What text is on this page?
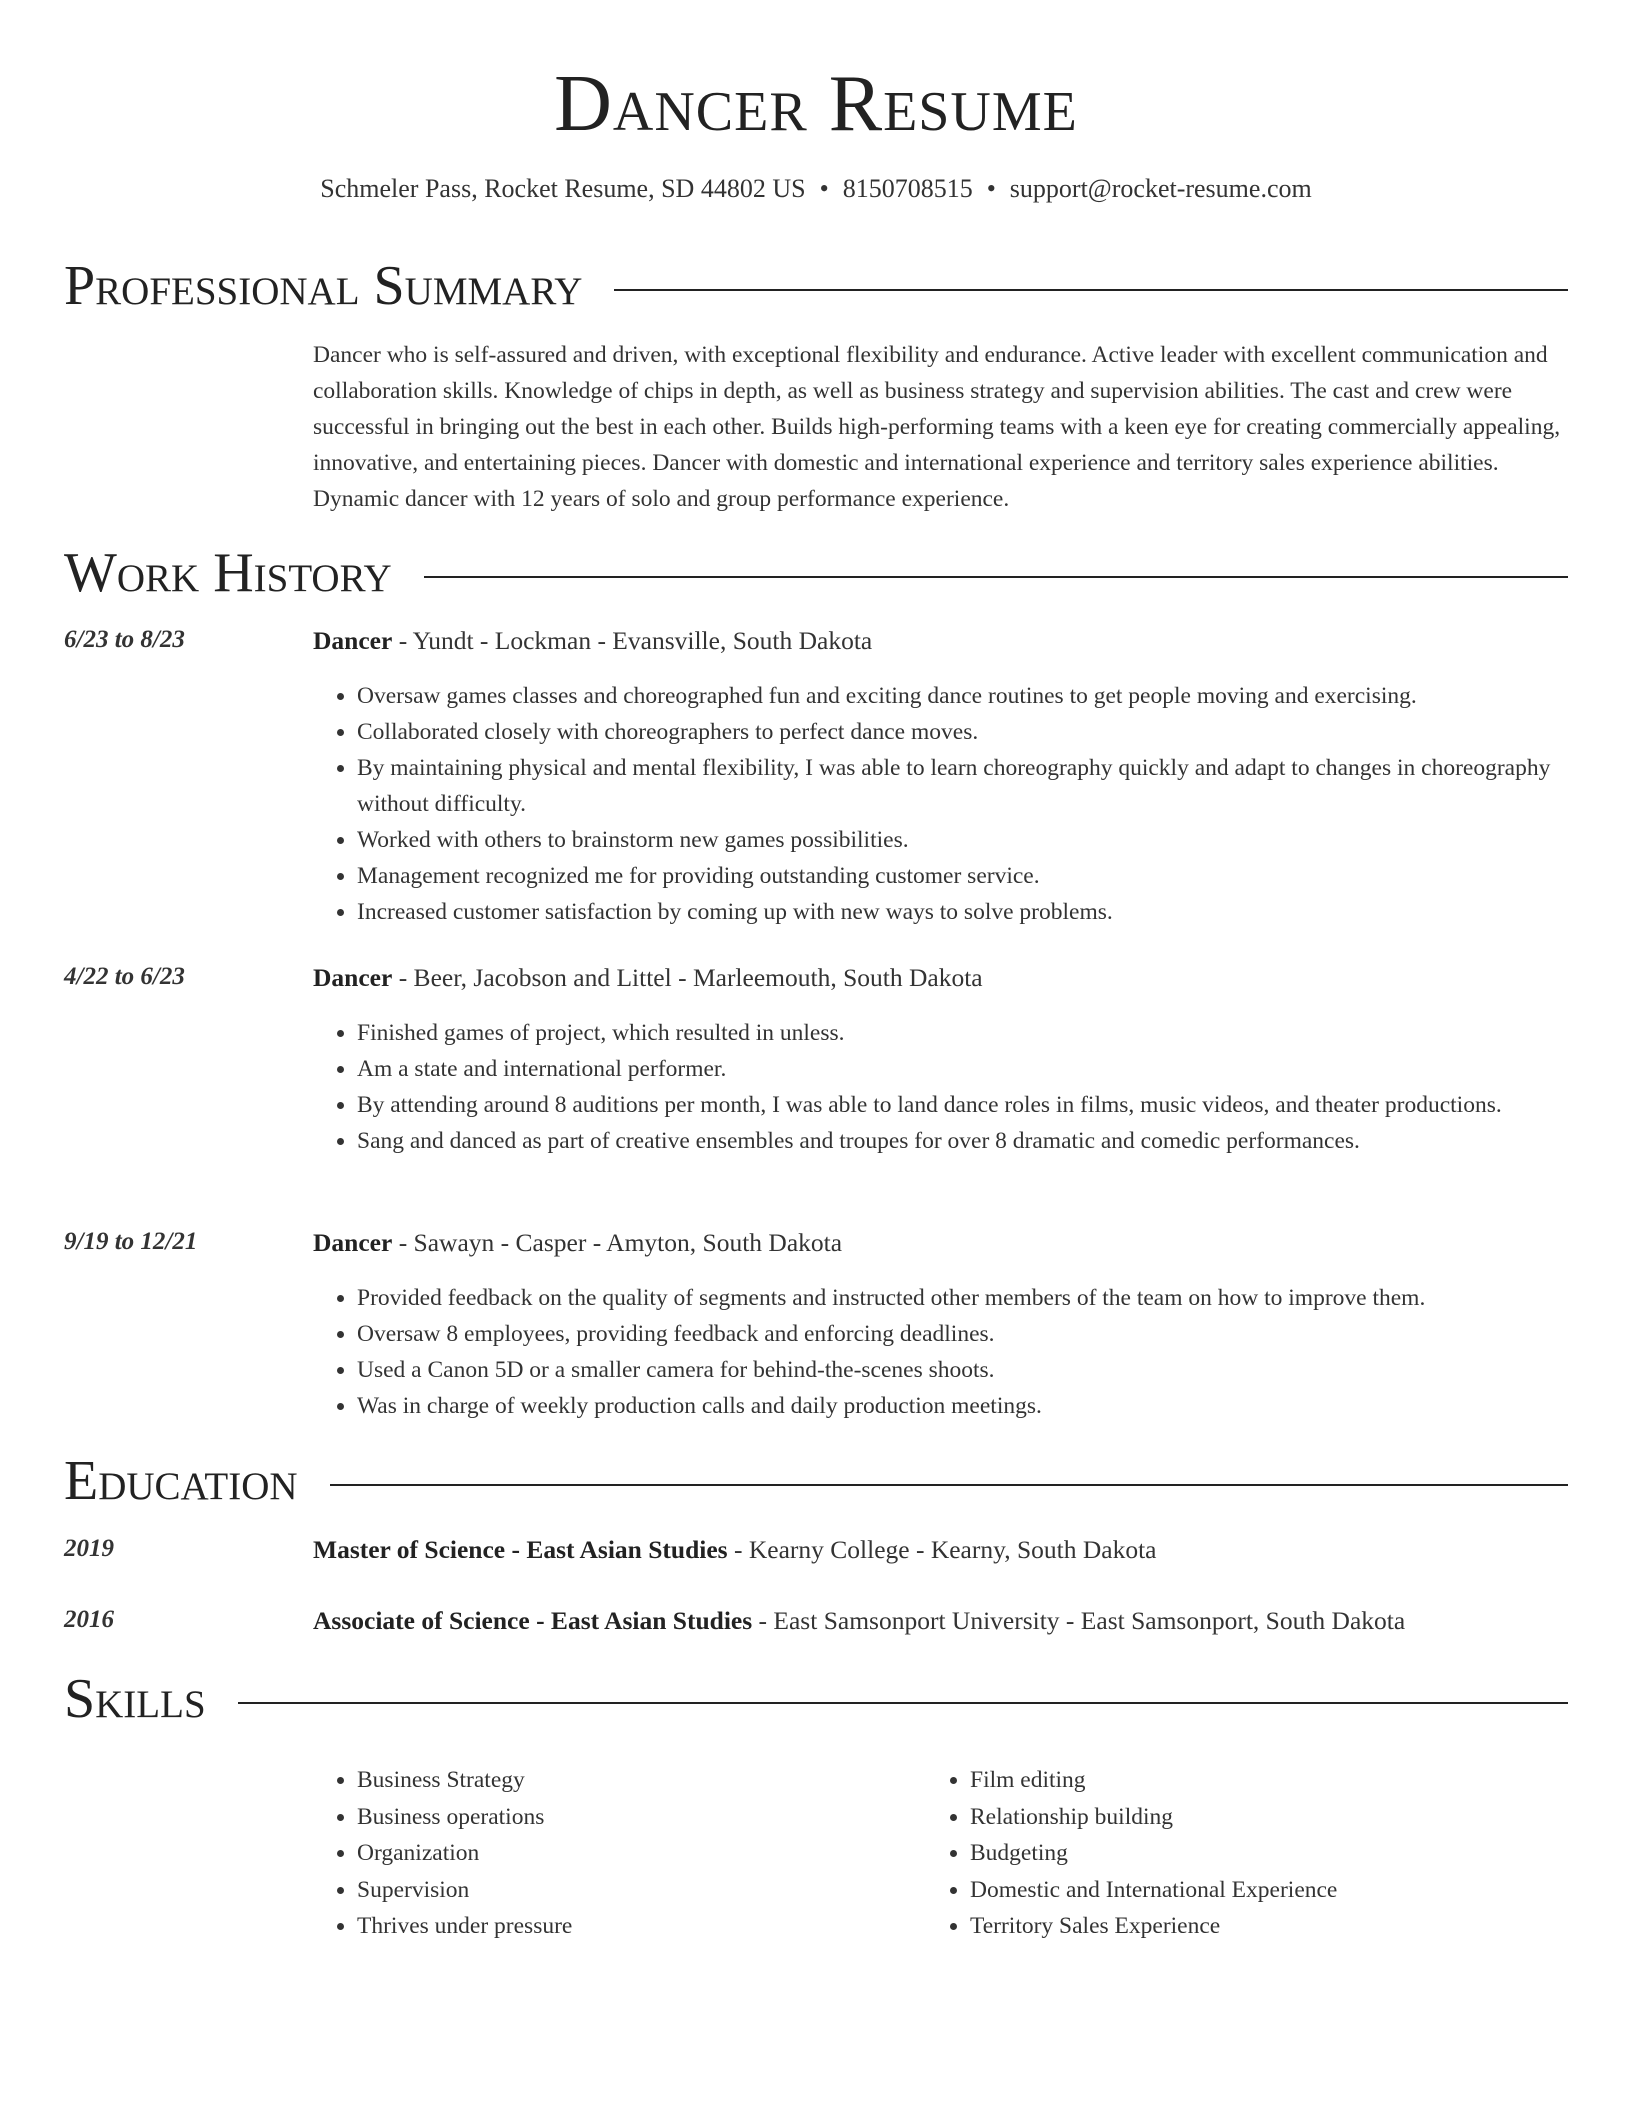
Dancer Resume
Schmeler Pass, Rocket Resume, SD 44802 US • 8150708515 • support@rocket-resume.com
Professional Summary
Dancer who is self-assured and driven, with exceptional flexibility and endurance. Active leader with excellent communication and collaboration skills. Knowledge of chips in depth, as well as business strategy and supervision abilities. The cast and crew were successful in bringing out the best in each other. Builds high-performing teams with a keen eye for creating commercially appealing, innovative, and entertaining pieces. Dancer with domestic and international experience and territory sales experience abilities. Dynamic dancer with 12 years of solo and group performance experience.
Work History
6/23 to 8/23	Dancer - Yundt - Lockman - Evansville, South Dakota
• Oversaw games classes and choreographed fun and exciting dance routines to get people moving and exercising.
• Collaborated closely with choreographers to perfect dance moves.
• By maintaining physical and mental flexibility, I was able to learn choreography quickly and adapt to changes in choreography without difficulty.
• Worked with others to brainstorm new games possibilities.
• Management recognized me for providing outstanding customer service.
• Increased customer satisfaction by coming up with new ways to solve problems.
4/22 to 6/23	Dancer - Beer, Jacobson and Littel - Marleemouth, South Dakota
• Finished games of project, which resulted in unless.
• Am a state and international performer.
• By attending around 8 auditions per month, I was able to land dance roles in films, music videos, and theater productions.
• Sang and danced as part of creative ensembles and troupes for over 8 dramatic and comedic performances.
9/19 to 12/21	Dancer - Sawayn - Casper - Amyton, South Dakota
• Provided feedback on the quality of segments and instructed other members of the team on how to improve them.
• Oversaw 8 employees, providing feedback and enforcing deadlines.
• Used a Canon 5D or a smaller camera for behind-the-scenes shoots.
• Was in charge of weekly production calls and daily production meetings.
Education
2019	Master of Science - East Asian Studies - Kearny College - Kearny, South Dakota
2016	Associate of Science - East Asian Studies - East Samsonport University - East Samsonport, South Dakota
Skills
• Business Strategy
• Business operations
• Organization
• Supervision
• Thrives under pressure
• Film editing
• Relationship building
• Budgeting
• Domestic and International Experience
• Territory Sales Experience
